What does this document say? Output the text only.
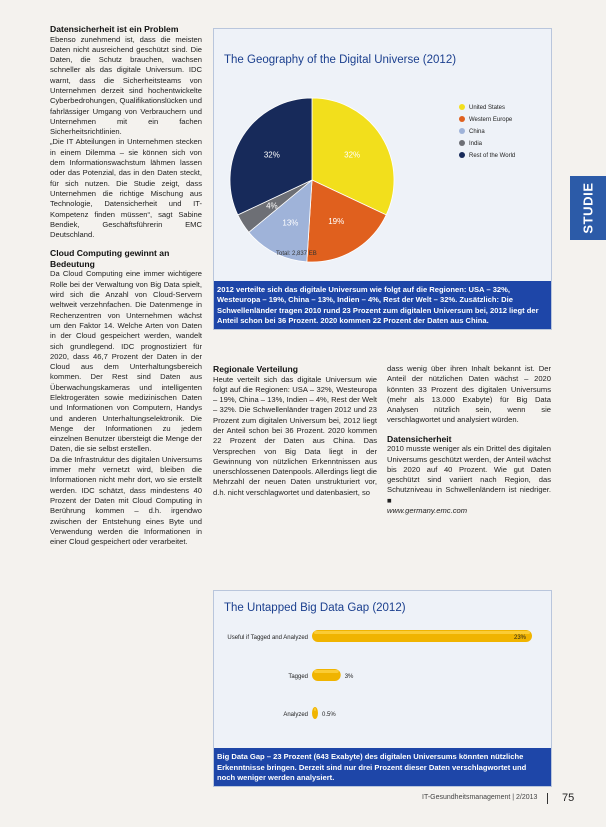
Datensicherheit ist ein Problem

Ebenso zunehmend ist, dass die meisten Daten nicht ausreichend geschützt sind. Die Daten, die Schutz brauchen, wachsen schneller als das digitale Universum. IDC warnt, dass die Sicherheitsteams von Unternehmen derzeit sind hochentwickelte Cyberbedrohungen, Qualifikationslücken und fahrlässiger Umgang von Verbrauchern und Unternehmen mit ein fachen Sicherheitsrichtlinien.

„Die IT Abteilungen in Unternehmen stecken in einem Dilemma – sie können sich von dem Informationswachstum lähmen lassen oder das Potenzial, das in den Daten steckt, für sich nutzen. Die Studie zeigt, dass Unternehmen die richtige Mischung aus Technologie, Datensicherheit und IT-Kompetenz finden müssen“, sagt Sabine Bendiek, Geschäftsführerin EMC Deutschland.

Cloud Computing gewinnt an Bedeutung

Da Cloud Computing eine immer wichtigere Rolle bei der Verwaltung von Big Data spielt, wird sich die Anzahl von Cloud-Servern weltweit verzehnfachen. Die Datenmenge in Rechenzentren von Unternehmen wächst um den Faktor 14. Welche Arten von Daten in der Cloud gespeichert werden, wandelt sich grundlegend. IDC prognostiziert für 2020, dass 46,7 Prozent der Daten in der Cloud aus dem Unterhaltungsbereich kommen. Der Rest sind Daten aus Überwachungskameras und intelligenten Elektrogeräten sowie medizinischen Daten und Informationen von Computern, Handys und anderen Unterhaltungselektronik. Die Menge der Informationen zu jedem einzelnen Benutzer übersteigt die Menge der Daten, die sie selbst erstellen.

Da die Infrastruktur des digitalen Universums immer mehr vernetzt wird, bleiben die Informationen nicht mehr dort, wo sie erstellt werden. IDC schätzt, dass mindestens 40 Prozent der Daten mit Cloud Computing in Berührung kommen – d.h. irgendwo zwischen der Entstehung eines Byte und Verwendung werden die Informationen in einer Cloud gespeichert oder verarbeitet.

The Geography of the Digital Universe (2012)
32%
19%
13%
4%
32%
United States
Western Europe
China
India
Rest of the World
Total: 2,837 EB
2012 verteilte sich das digitale Universum wie folgt auf die Regionen: USA – 32%, Westeuropa – 19%, China – 13%, Indien – 4%, Rest der Welt – 32%. Zusätzlich: Die Schwellenländer tragen 2010 rund 23 Prozent zum digitalen Universum bei, 2012 liegt der Anteil schon bei 36 Prozent. 2020 kommen 22 Prozent der Daten aus China.
Regionale Verteilung

Heute verteilt sich das digitale Universum wie folgt auf die Regionen: USA – 32%, Westeuropa – 19%, China – 13%, Indien – 4%, Rest der Welt – 32%. Die Schwellenländer tragen 2012 und 23 Prozent zum digitalen Universum bei, 2012 liegt der Anteil schon bei 36 Prozent. 2020 kommen 22 Prozent der Daten aus China. Das Versprechen von Big Data liegt in der Gewinnung von nützlichen Erkenntnissen aus unerschlossenen Datenpools. Allerdings liegt die Mehrzahl der neuen Daten unstrukturiert vor, d.h. nicht verschlagwortet und datenbasiert, so

dass wenig über ihren Inhalt bekannt ist. Der Anteil der nützlichen Daten wächst – 2020 könnten 33 Prozent des digitalen Universums (mehr als 13.000 Exabyte) für Big Data Analysen nützlich sein, wenn sie verschlagwortet und analysiert würden.

Datensicherheit

2010 musste weniger als ein Drittel des digitalen Universums geschützt werden, der Anteil wächst bis 2020 auf 40 Prozent. Wie gut Daten geschützt sind variiert nach Region, das Schutzniveau in Schwellenländern ist niedriger. ■

www.germany.emc.com

The Untapped Big Data Gap (2012)
Useful if Tagged and Analyzed	23%
Tagged	3%
Analyzed 0.5%
Big Data Gap – 23 Prozent (643 Exabyte) des digitalen Universums könnten nützliche Erkenntnisse bringen. Derzeit sind nur drei Prozent dieser Daten verschlagwortet und noch weniger werden analysiert.
STUDIE
IT-Gesundheitsmanagement | 2/2013 75
